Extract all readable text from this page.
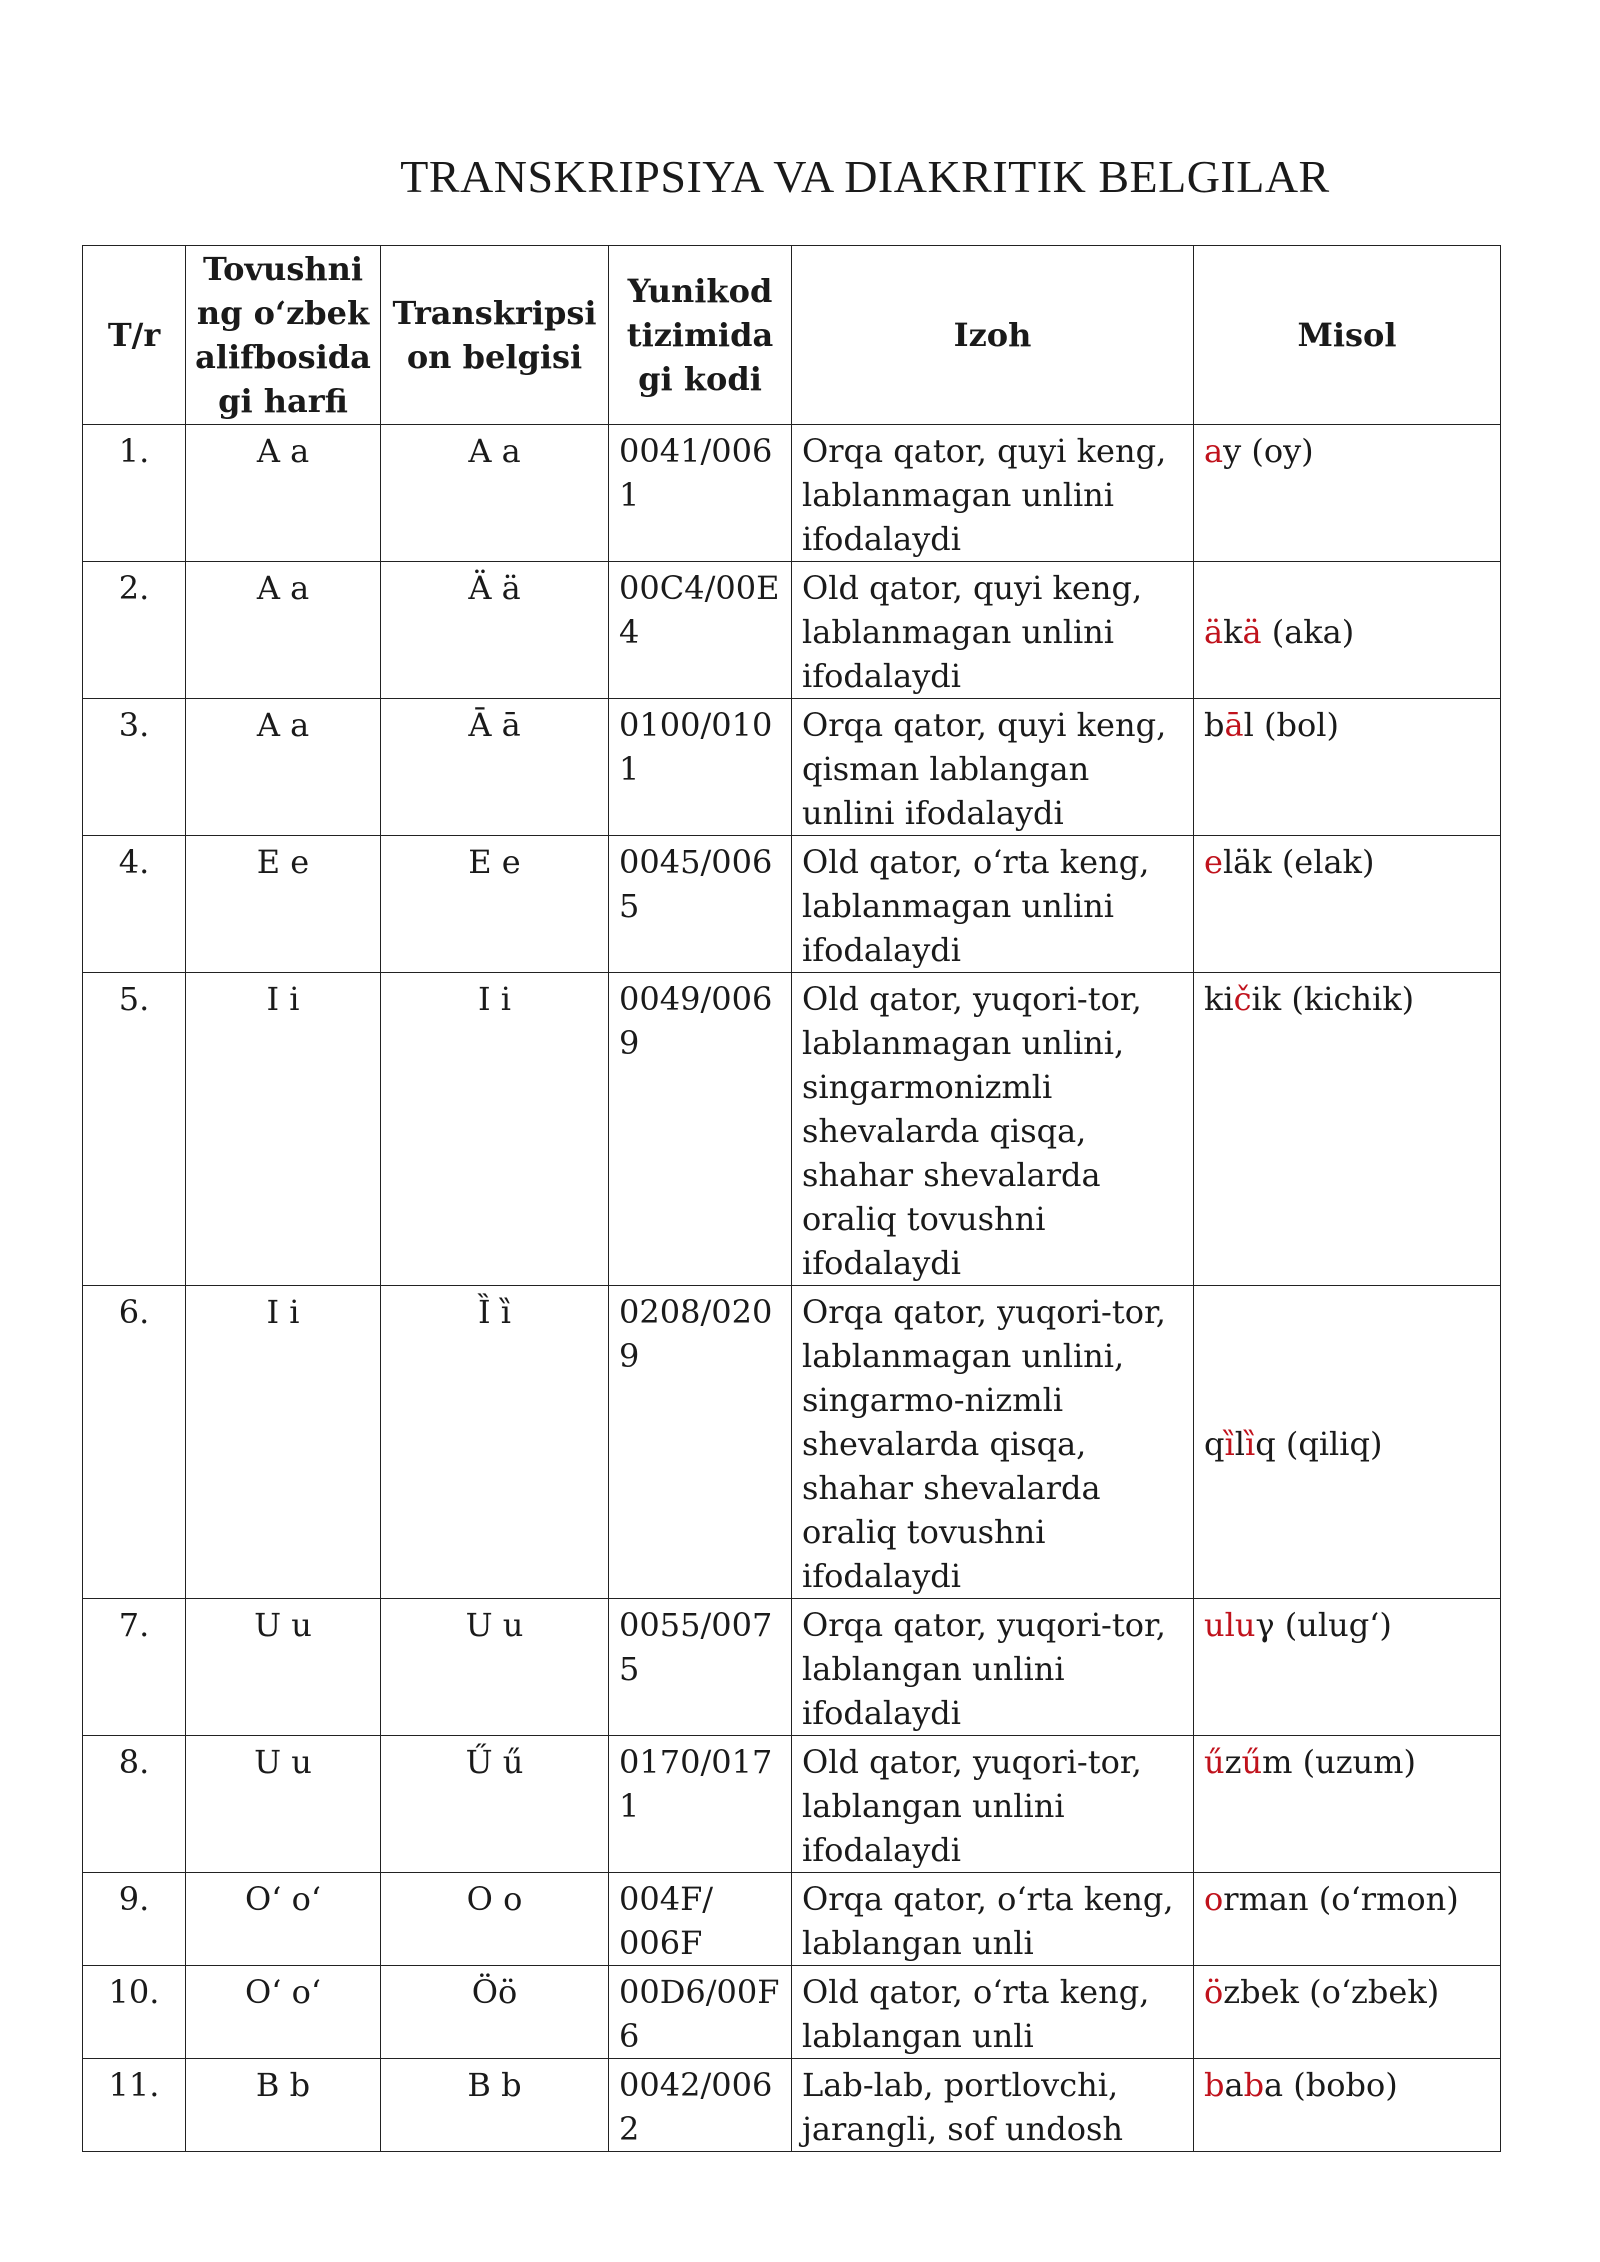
TRANSKRIPSIYA VA DIAKRITIK BELGILAR
T/r	Tovushni ng o‘zbek alifbosida gi harfi	Transkripsi on belgisi	Yunikod tizimida gi kodi	Izoh	Misol
1.	A a	A a	0041/006 1	Orqa qator, quyi keng, lablanmagan unlini ifodalaydi	ay (oy)
2.	A a	Ä ä	00C4/00E 4	Old qator, quyi keng, lablanmagan unlini ifodalaydi	äkä (aka)
3.	A a	Ā ā	0100/010 1	Orqa qator, quyi keng, qisman lablangan unlini ifodalaydi	bāl (bol)
4.	E e	E e	0045/006 5	Old qator, o‘rta keng, lablanmagan unlini ifodalaydi	eläk (elak)
5.	I i	I i	0049/006 9	Old qator, yuqori-tor, lablanmagan unlini, singarmonizmli shevalarda qisqa, shahar shevalarda oraliq tovushni ifodalaydi	kičik (kichik)
6.	I i	Ȉ ȉ	0208/020 9	Orqa qator, yuqori-tor, lablanmagan unlini, singarmo-nizmli shevalarda qisqa, shahar shevalarda oraliq tovushni ifodalaydi	qȉlȉq (qiliq)
7.	U u	U u	0055/007 5	Orqa qator, yuqori-tor, lablangan unlini ifodalaydi	uluγ (ulug‘)
8.	U u	Ű ű	0170/017 1	Old qator, yuqori-tor, lablangan unlini ifodalaydi	űzűm (uzum)
9.	O‘ o‘	O o	004F/ 006F	Orqa qator, o‘rta keng, lablangan unli	orman (o‘rmon)
10.	O‘ o‘	Öö	00D6/00F 6	Old qator, o‘rta keng, lablangan unli	özbek (o‘zbek)
11.	B b	B b	0042/006 2	Lab-lab, portlovchi, jarangli, sof undosh	baba (bobo)
